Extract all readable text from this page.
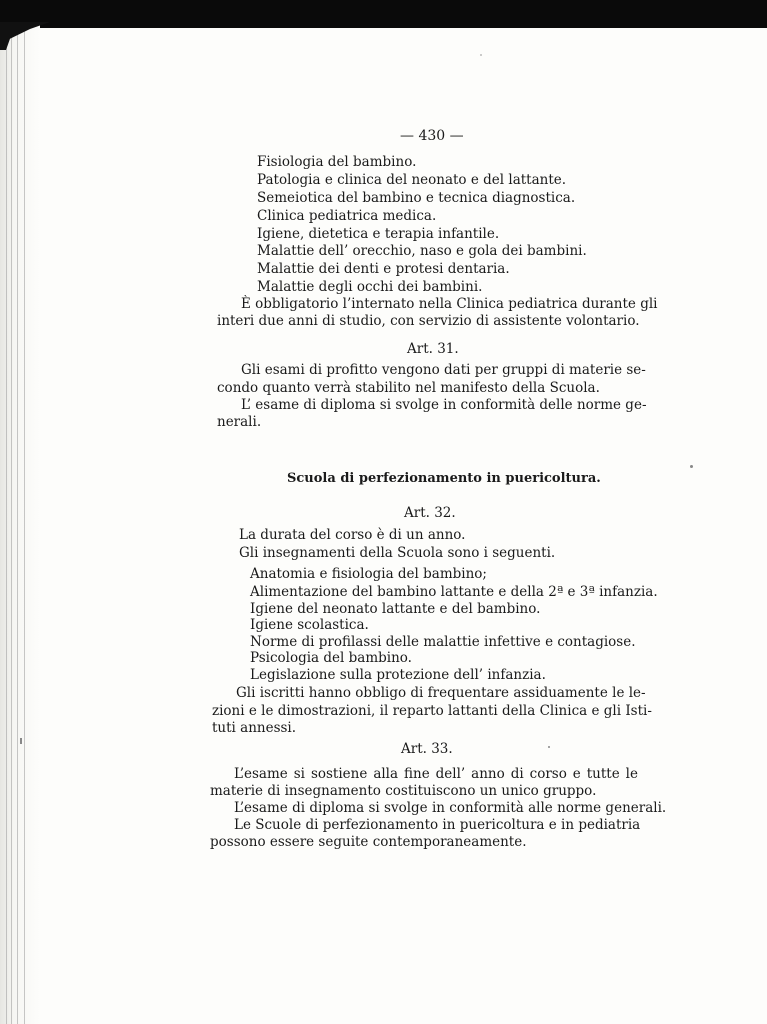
— 430 —
Fisiologia del bambino.
Patologia e clinica del neonato e del lattante.
Semeiotica del bambino e tecnica diagnostica.
Clinica pediatrica medica.
Igiene, dietetica e terapia infantile.
Malattie dell’ orecchio, naso e gola dei bambini.
Malattie dei denti e protesi dentaria.
Malattie degli occhi dei bambini.
È obbligatorio l’internato nella Clinica pediatrica durante gli
interi due anni di studio, con servizio di assistente volontario.
Art. 31.
Gli esami di profitto vengono dati per gruppi di materie se-
condo quanto verrà stabilito nel manifesto della Scuola.
L’ esame di diploma si svolge in conformità delle norme ge-
nerali.
Scuola di perfezionamento in puericoltura.
Art. 32.
La durata del corso è di un anno.
Gli insegnamenti della Scuola sono i seguenti.
Anatomia e fisiologia del bambino;
Alimentazione del bambino lattante e della 2ª e 3ª infanzia.
Igiene del neonato lattante e del bambino.
Igiene scolastica.
Norme di profilassi delle malattie infettive e contagiose.
Psicologia del bambino.
Legislazione sulla protezione dell’ infanzia.
Gli iscritti hanno obbligo di frequentare assiduamente le le-
zioni e le dimostrazioni, il reparto lattanti della Clinica e gli Isti-
tuti annessi.
Art. 33.
L’esame si sostiene alla fine dell’ anno di corso e tutte le
materie di insegnamento costituiscono un unico gruppo.
L’esame di diploma si svolge in conformità alle norme generali.
Le Scuole di perfezionamento in puericoltura e in pediatria
possono essere seguite contemporaneamente.
